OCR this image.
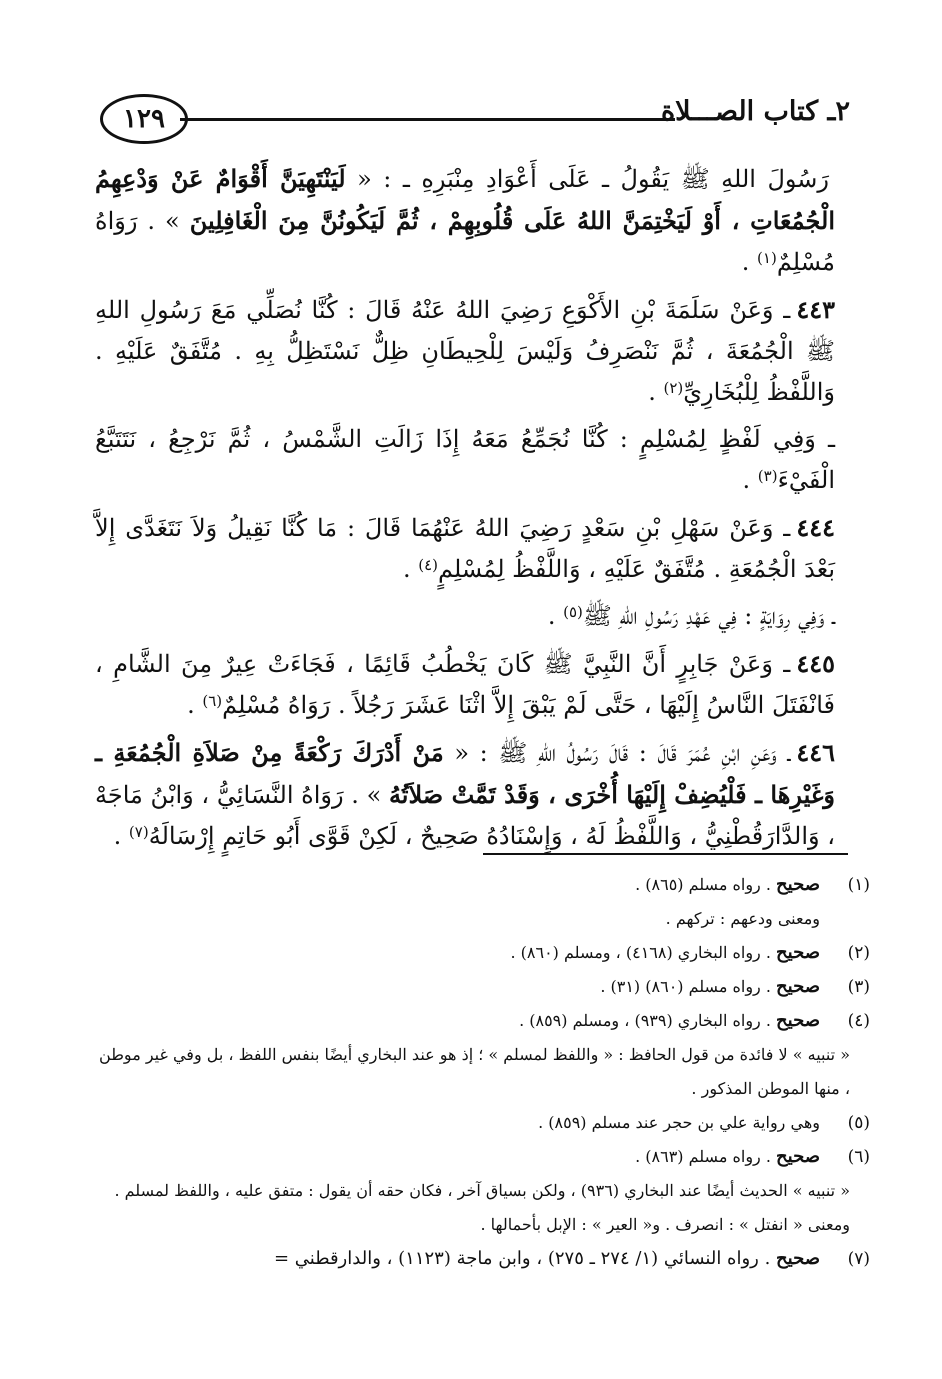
١٢٩	٢ـ كتاب الصـــلاة

رَسُولَ اللهِ ﷺ يَقُولُ ـ عَلَى أَعْوَادِ مِنْبَرِهِ ـ : « لَيَنْتَهِيَنَّ أَقْوَامٌ عَنْ وَدْعِهِمُ الْجُمُعَاتِ ، أَوْ لَيَخْتِمَنَّ اللهُ عَلَى قُلُوبِهِمْ ، ثُمَّ لَيَكُونُنَّ مِنَ الْغَافِلِينَ » . رَوَاهُ مُسْلِمٌ$^{(١)}$ .

٤٤٣ـ وَعَنْ سَلَمَةَ بْنِ الأَكْوَعِ رَضِيَ اللهُ عَنْهُ قَالَ : كُنَّا نُصَلِّي مَعَ رَسُولِ اللهِ ﷺ الْجُمُعَةَ ، ثُمَّ نَنْصَرِفُ وَلَيْسَ لِلْحِيطَانِ ظِلٌّ نَسْتَظِلُّ بِهِ . مُتَّفَقٌ عَلَيْهِ . وَاللَّفْظُ لِلْبُخَارِيِّ$^{(٢)}$ .

ـ وَفِي لَفْظٍ لِمُسْلِمٍ : كُنَّا نُجَمِّعُ مَعَهُ إِذَا زَالَتِ الشَّمْسُ ، ثُمَّ نَرْجِعُ ، نَتَتَبَّعُ الْفَيْءَ$^{(٣)}$ .

٤٤٤ـ وَعَنْ سَهْلِ بْنِ سَعْدٍ رَضِيَ اللهُ عَنْهُمَا قَالَ : مَا كُنَّا نَقِيلُ وَلاَ نَتَغَدَّى إِلاَّ بَعْدَ الْجُمُعَةِ . مُتَّفَقٌ عَلَيْهِ ، وَاللَّفْظُ لِمُسْلِمٍ$^{(٤)}$ .

ـ وَفِي رِوَايَةٍ : فِي عَهْدِ رَسُولِ اللهِ ﷺ$^{(٥)}$ .

٤٤٥ـ وَعَنْ جَابِرٍ أَنَّ النَّبِيَّ ﷺ كَانَ يَخْطُبُ قَائِمًا ، فَجَاءَتْ عِيرٌ مِنَ الشَّامِ ، فَانْفَتَلَ النَّاسُ إِلَيْهَا ، حَتَّى لَمْ يَبْقَ إِلاَّ اثْنَا عَشَرَ رَجُلاً . رَوَاهُ مُسْلِمٌ$^{(٦)}$ .

٤٤٦ـ وَعَنِ ابْنِ عُمَرَ قَالَ : قَالَ رَسُولُ اللهِ ﷺ : « مَنْ أَدْرَكَ رَكْعَةً مِنْ صَلاَةِ الْجُمُعَةِ ـ وَغَيْرِهَا ـ فَلْيُضِفْ إِلَيْهَا أُخْرَى ، وَقَدْ تَمَّتْ صَلاَتُهُ » . رَوَاهُ النَّسَائِيُّ ، وَابْنُ مَاجَهْ ، وَالدَّارَقُطْنِيُّ ، وَاللَّفْظُ لَهُ ، وَإِسْنَادُهُ صَحِيحٌ ، لَكِنْ قَوَّى أَبُو حَاتِمٍ إِرْسَالَهُ$^{(٧)}$ .

(١)
صحيح . رواه مسلم (٨٦٥) .
ومعنى ودعهم : تركهم .
(٢)
صحيح . رواه البخاري (٤١٦٨) ، ومسلم (٨٦٠) .
(٣)
صحيح . رواه مسلم (٨٦٠) (٣١) .
(٤)
صحيح . رواه البخاري (٩٣٩) ، ومسلم (٨٥٩) .
« تنبيه » لا فائدة من قول الحافظ : « واللفظ لمسلم » ؛ إذ هو عند البخاري أيضًا بنفس اللفظ ، بل وفي غير موطن ، منها الموطن المذكور .
(٥)
وهي رواية علي بن حجر عند مسلم (٨٥٩) .
(٦)
صحيح . رواه مسلم (٨٦٣) .
« تنبيه » الحديث أيضًا عند البخاري (٩٣٦) ، ولكن بسياق آخر ، فكان حقه أن يقول : متفق عليه ، واللفظ لمسلم .
ومعنى « انفتل » : انصرف . و« العير » : الإبل بأحمالها .
(٧)
صحيح . رواه النسائي (١/ ٢٧٤ ـ ٢٧٥) ، وابن ماجة (١١٢٣) ، والدارقطني =
